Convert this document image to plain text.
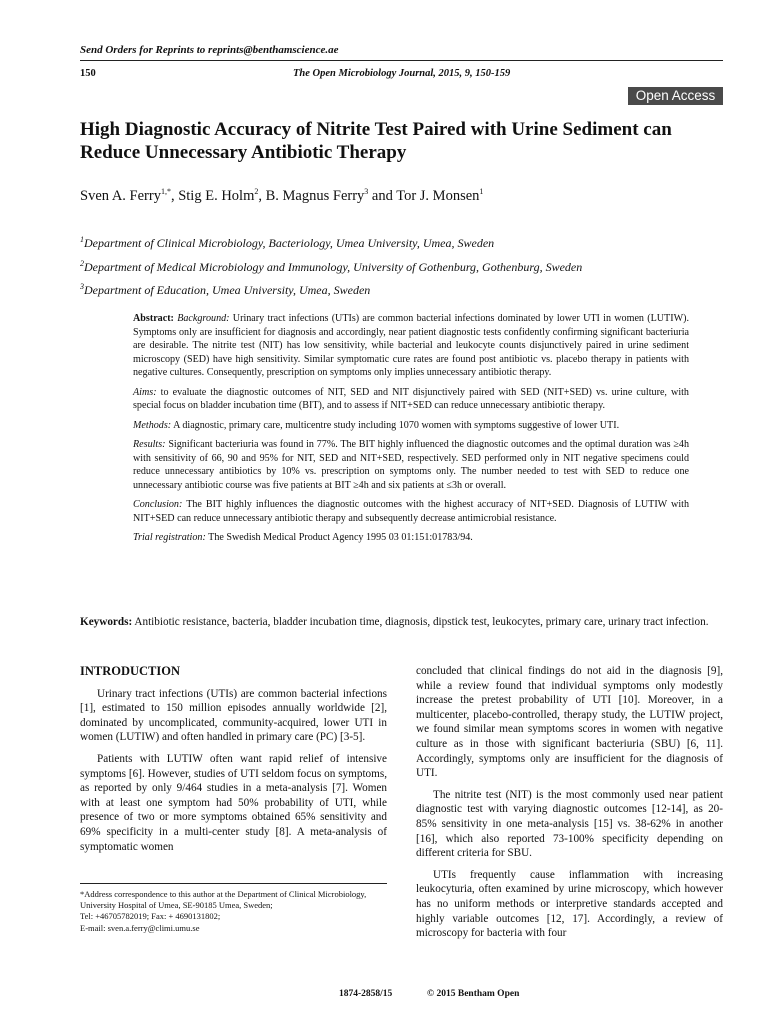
Send Orders for Reprints to reprints@benthamscience.ae
150	The Open Microbiology Journal, 2015, 9, 150-159
Open Access
High Diagnostic Accuracy of Nitrite Test Paired with Urine Sediment can
Reduce Unnecessary Antibiotic Therapy
Sven A. Ferry$^{1,*}$, Stig E. Holm$^2$, B. Magnus Ferry$^3$ and Tor J. Monsen$^1$
$^1$Department of Clinical Microbiology, Bacteriology, Umea University, Umea, Sweden
$^2$Department of Medical Microbiology and Immunology, University of Gothenburg, Gothenburg, Sweden
$^3$Department of Education, Umea University, Umea, Sweden

Abstract: Background: Urinary tract infections (UTIs) are common bacterial infections dominated by lower UTI in women (LUTIW). Symptoms only are insufficient for diagnosis and accordingly, near patient diagnostic tests confidently confirming significant bacteriuria are desirable. The nitrite test (NIT) has low sensitivity, while bacterial and leukocyte counts disjunctively paired in urine sediment microscopy (SED) have high sensitivity. Similar symptomatic cure rates are found post antibiotic vs. placebo therapy in patients with negative cultures. Consequently, prescription on symptoms only implies unnecessary antibiotic therapy.

Aims: to evaluate the diagnostic outcomes of NIT, SED and NIT disjunctively paired with SED (NIT+SED) vs. urine culture, with special focus on bladder incubation time (BIT), and to assess if NIT+SED can reduce unnecessary antibiotic therapy.

Methods: A diagnostic, primary care, multicentre study including 1070 women with symptoms suggestive of lower UTI.

Results: Significant bacteriuria was found in 77%. The BIT highly influenced the diagnostic outcomes and the optimal duration was ≥4h with sensitivity of 66, 90 and 95% for NIT, SED and NIT+SED, respectively. SED performed only in NIT negative specimens could reduce unnecessary antibiotics by 10% vs. prescription on symptoms only. The number needed to test with SED to reduce one unnecessary antibiotic course was five patients at BIT ≥4h and six patients at ≤3h or overall.

Conclusion: The BIT highly influences the diagnostic outcomes with the highest accuracy of NIT+SED. Diagnosis of LUTIW with NIT+SED can reduce unnecessary antibiotic therapy and subsequently decrease antimicrobial resistance.

Trial registration: The Swedish Medical Product Agency 1995 03 01:151:01783/94.

Keywords: Antibiotic resistance, bacteria, bladder incubation time, diagnosis, dipstick test, leukocytes, primary care, urinary tract infection.
INTRODUCTION

Urinary tract infections (UTIs) are common bacterial infections [1], estimated to 150 million episodes annually worldwide [2], dominated by uncomplicated, community-acquired, lower UTI in women (LUTIW) and often handled in primary care (PC) [3-5].

Patients with LUTIW often want rapid relief of intensive symptoms [6]. However, studies of UTI seldom focus on symptoms, as reported by only 9/464 studies in a meta-analysis [7]. Women with at least one symptom had 50% probability of UTI, while presence of two or more symptoms obtained 65% sensitivity and 69% specificity in a multi-center study [8]. A meta-analysis of symptomatic women

concluded that clinical findings do not aid in the diagnosis [9], while a review found that individual symptoms only modestly increase the pretest probability of UTI [10]. Moreover, in a multicenter, placebo-controlled, therapy study, the LUTIW project, we found similar mean symptoms scores in women with negative culture as in those with significant bacteriuria (SBU) [6, 11]. Accordingly, symptoms only are insufficient for the diagnosis of UTI.

The nitrite test (NIT) is the most commonly used near patient diagnostic test with varying diagnostic outcomes [12-14], as 20-85% sensitivity in one meta-analysis [15] vs. 38-62% in another [16], which also reported 73-100% specificity depending on different criteria for SBU.

UTIs frequently cause inflammation with increasing leukocyturia, often examined by urine microscopy, which however has no uniform methods or interpretive standards accepted and highly variable outcomes [12, 17]. Accordingly, a review of microscopy for bacteria with four

*Address correspondence to this author at the Department of Clinical Microbiology, University Hospital of Umea, SE-90185 Umea, Sweden;
Tel: +46705782019; Fax: + 4690131802;
E-mail: sven.a.ferry@climi.umu.se
1874-2858/15	© 2015 Bentham Open
